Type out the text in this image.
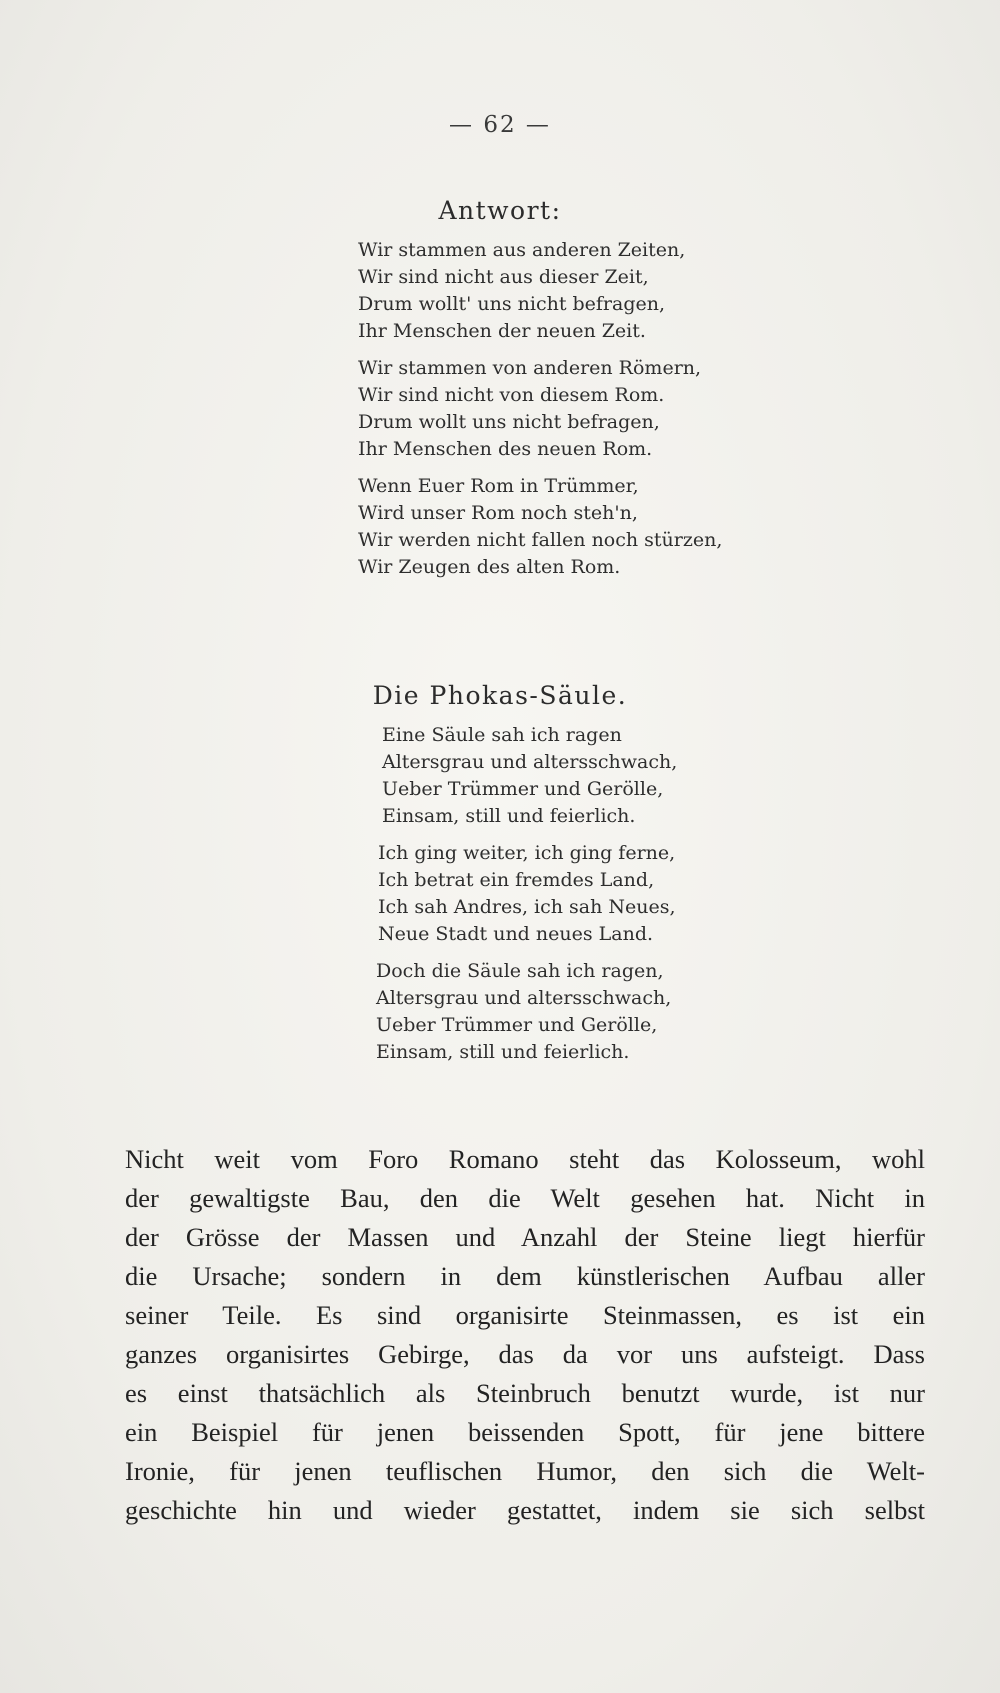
— 62 —
Antwort:
Wir stammen aus anderen Zeiten,
Wir sind nicht aus dieser Zeit,
Drum wollt' uns nicht befragen,
Ihr Menschen der neuen Zeit.
Wir stammen von anderen Römern,
Wir sind nicht von diesem Rom.
Drum wollt uns nicht befragen,
Ihr Menschen des neuen Rom.
Wenn Euer Rom in Trümmer,
Wird unser Rom noch steh'n,
Wir werden nicht fallen noch stürzen,
Wir Zeugen des alten Rom.
Die Phokas-Säule.
Eine Säule sah ich ragen
Altersgrau und altersschwach,
Ueber Trümmer und Gerölle,
Einsam, still und feierlich.
Ich ging weiter, ich ging ferne,
Ich betrat ein fremdes Land,
Ich sah Andres, ich sah Neues,
Neue Stadt und neues Land.
Doch die Säule sah ich ragen,
Altersgrau und altersschwach,
Ueber Trümmer und Gerölle,
Einsam, still und feierlich.
Nicht weit vom Foro Romano steht das Kolosseum, wohl
der gewaltigste Bau, den die Welt gesehen hat. Nicht in
der Grösse der Massen und Anzahl der Steine liegt hierfür
die Ursache; sondern in dem künstlerischen Aufbau aller
seiner Teile. Es sind organisirte Steinmassen, es ist ein
ganzes organisirtes Gebirge, das da vor uns aufsteigt. Dass
es einst thatsächlich als Steinbruch benutzt wurde, ist nur
ein Beispiel für jenen beissenden Spott, für jene bittere
Ironie, für jenen teuflischen Humor, den sich die Welt-
geschichte hin und wieder gestattet, indem sie sich selbst
